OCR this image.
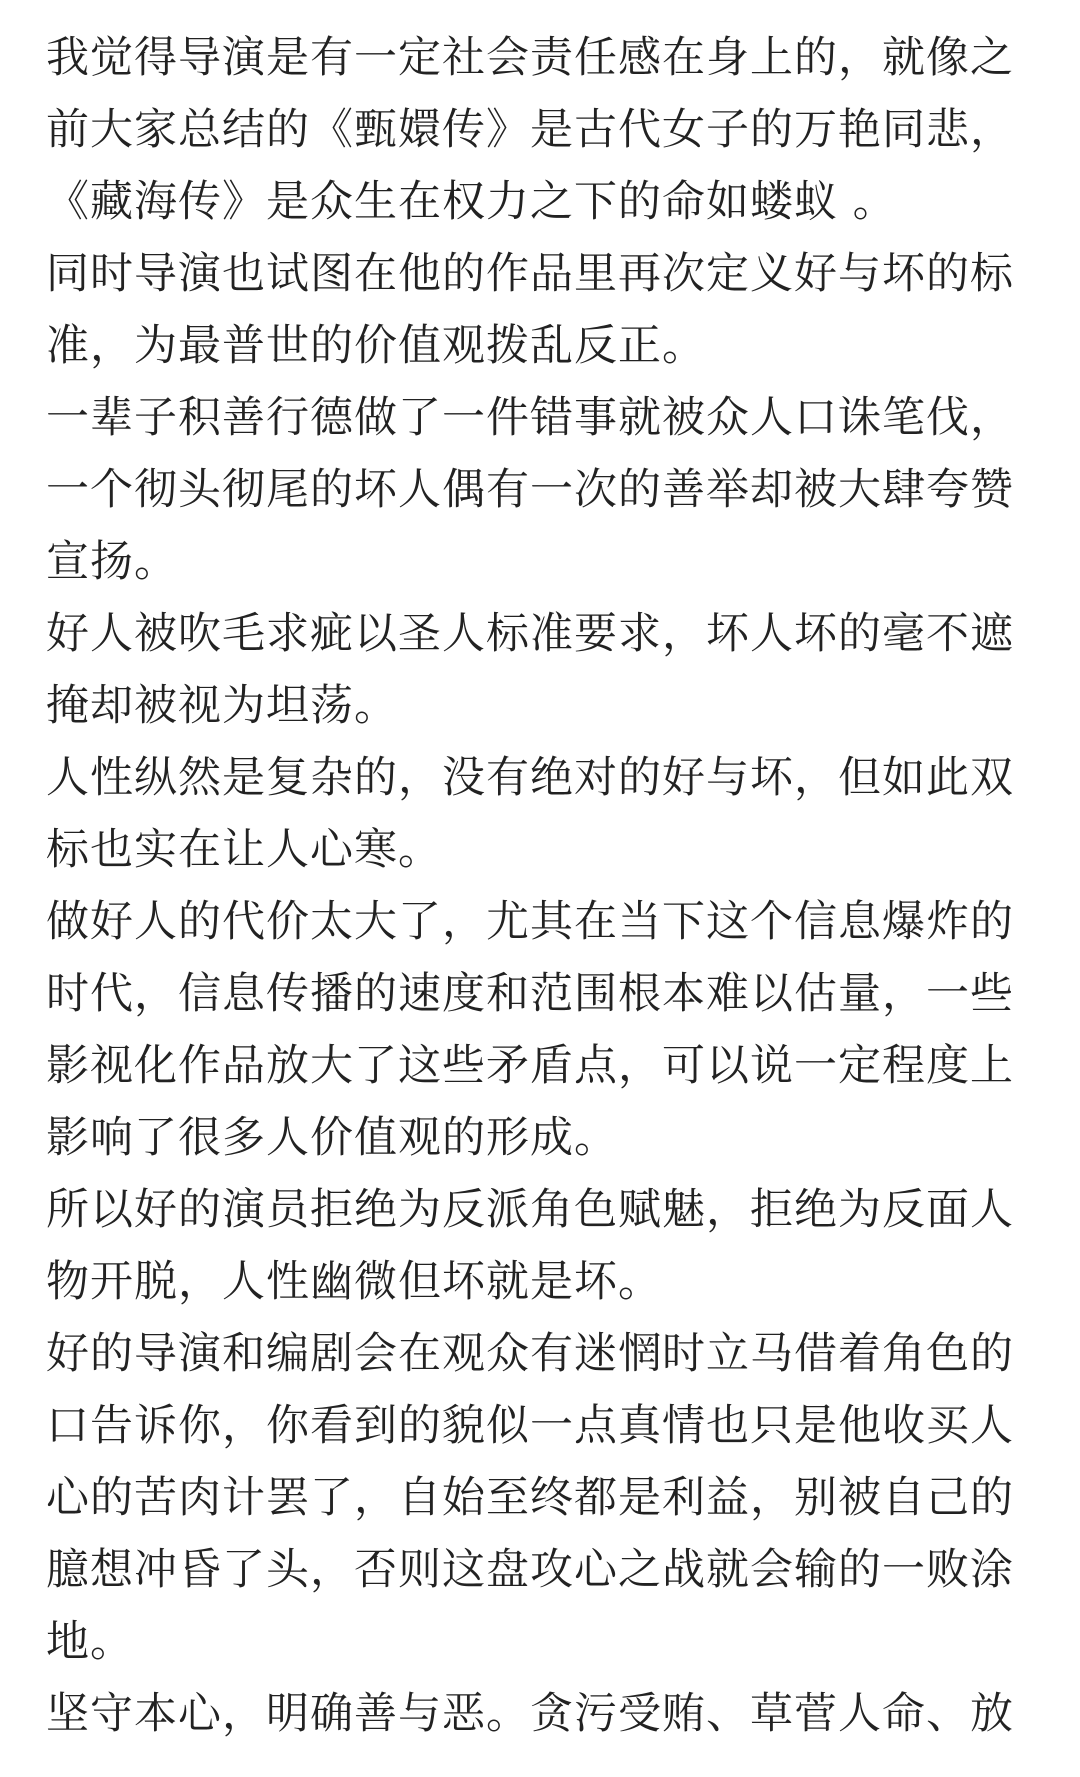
我觉得导演是有一定社会责任感在身上的，就像之前大家总结的《甄嬛传》是古代女子的万艳同悲，《藏海传》是众生在权力之下的命如蝼蚁 。

同时导演也试图在他的作品里再次定义好与坏的标准，为最普世的价值观拨乱反正。

一辈子积善行德做了一件错事就被众人口诛笔伐，一个彻头彻尾的坏人偶有一次的善举却被大肆夸赞宣扬。

好人被吹毛求疵以圣人标准要求，坏人坏的毫不遮掩却被视为坦荡。

人性纵然是复杂的，没有绝对的好与坏，但如此双标也实在让人心寒。

做好人的代价太大了，尤其在当下这个信息爆炸的时代，信息传播的速度和范围根本难以估量，一些影视化作品放大了这些矛盾点，可以说一定程度上影响了很多人价值观的形成。

所以好的演员拒绝为反派角色赋魅，拒绝为反面人物开脱，人性幽微但坏就是坏。

好的导演和编剧会在观众有迷惘时立马借着角色的口告诉你，你看到的貌似一点真情也只是他收买人心的苦肉计罢了，自始至终都是利益，别被自己的臆想冲昏了头，否则这盘攻心之战就会输的一败涂地。

坚守本心，明确善与恶。贪污受贿、草菅人命、放
